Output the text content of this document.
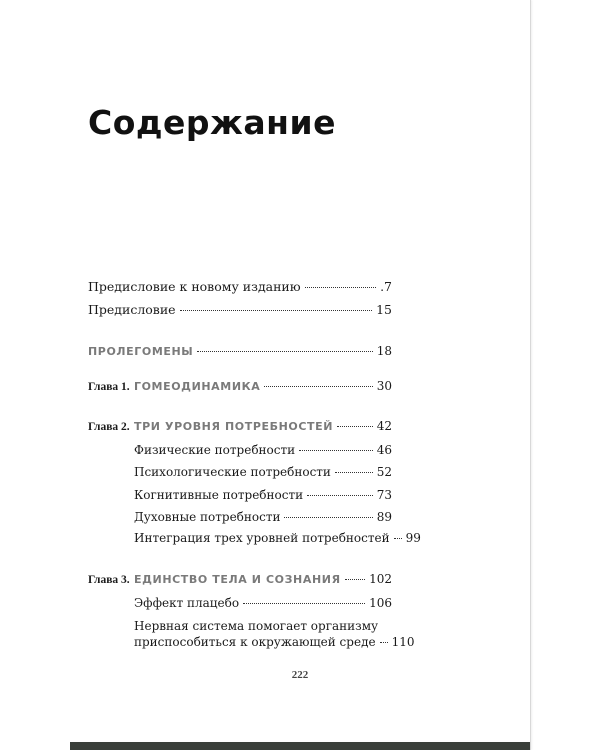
Содержание
Предисловие к новому изданию	.7
Предисловие	15
ПРОЛЕГОМЕНЫ	18
Глава 1. ГОМЕОДИНАМИКА	30
Глава 2. ТРИ УРОВНЯ ПОТРЕБНОСТЕЙ	42
Физические потребности	46
Психологические потребности	52
Когнитивные потребности	73
Духовные потребности	89
Интеграция трех уровней потребностей 99
Глава 3. ЕДИНСТВО ТЕЛА И СОЗНАНИЯ 102
Эффект плацебо	106
Нервная система помогает организму
приспособиться к окружающей среде 110
222
